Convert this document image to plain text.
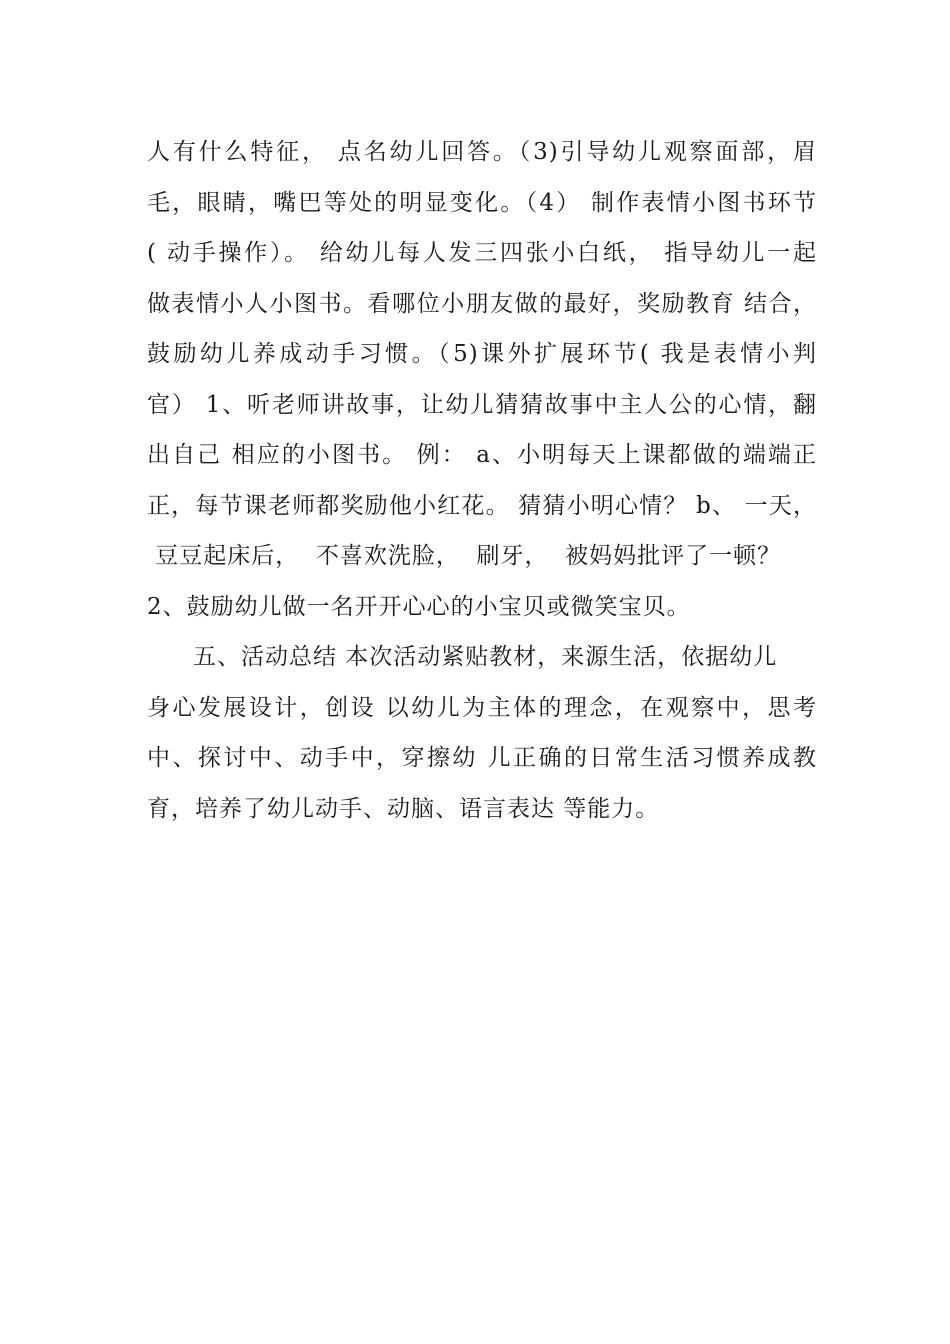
人有什么特征， 点名幼儿回答。（3)引导幼儿观察面部，眉
毛，眼睛，嘴巴等处的明显变化。（4） 制作表情小图书环节
( 动手操作）。 给幼儿每人发三四张小白纸， 指导幼儿一起
做表情小人小图书。看哪位小朋友做的最好，奖励教育 结合，
鼓励幼儿养成动手习惯。（5)课外扩展环节( 我是表情小判
官） 1、听老师讲故事，让幼儿猜猜故事中主人公的心情，翻
出自己 相应的小图书。 例： a、小明每天上课都做的端端正
正，每节课老师都奖励他小红花。 猜猜小明心情？ b、 一天，
豆豆起床后，  不喜欢洗脸，  刷牙，  被妈妈批评了一顿？
2、鼓励幼儿做一名开开心心的小宝贝或微笑宝贝。
五、活动总结 本次活动紧贴教材，来源生活，依据幼儿
身心发展设计，创设 以幼儿为主体的理念，在观察中，思考
中、探讨中、动手中，穿擦幼 儿正确的日常生活习惯养成教
育，培养了幼儿动手、动脑、语言表达 等能力。
